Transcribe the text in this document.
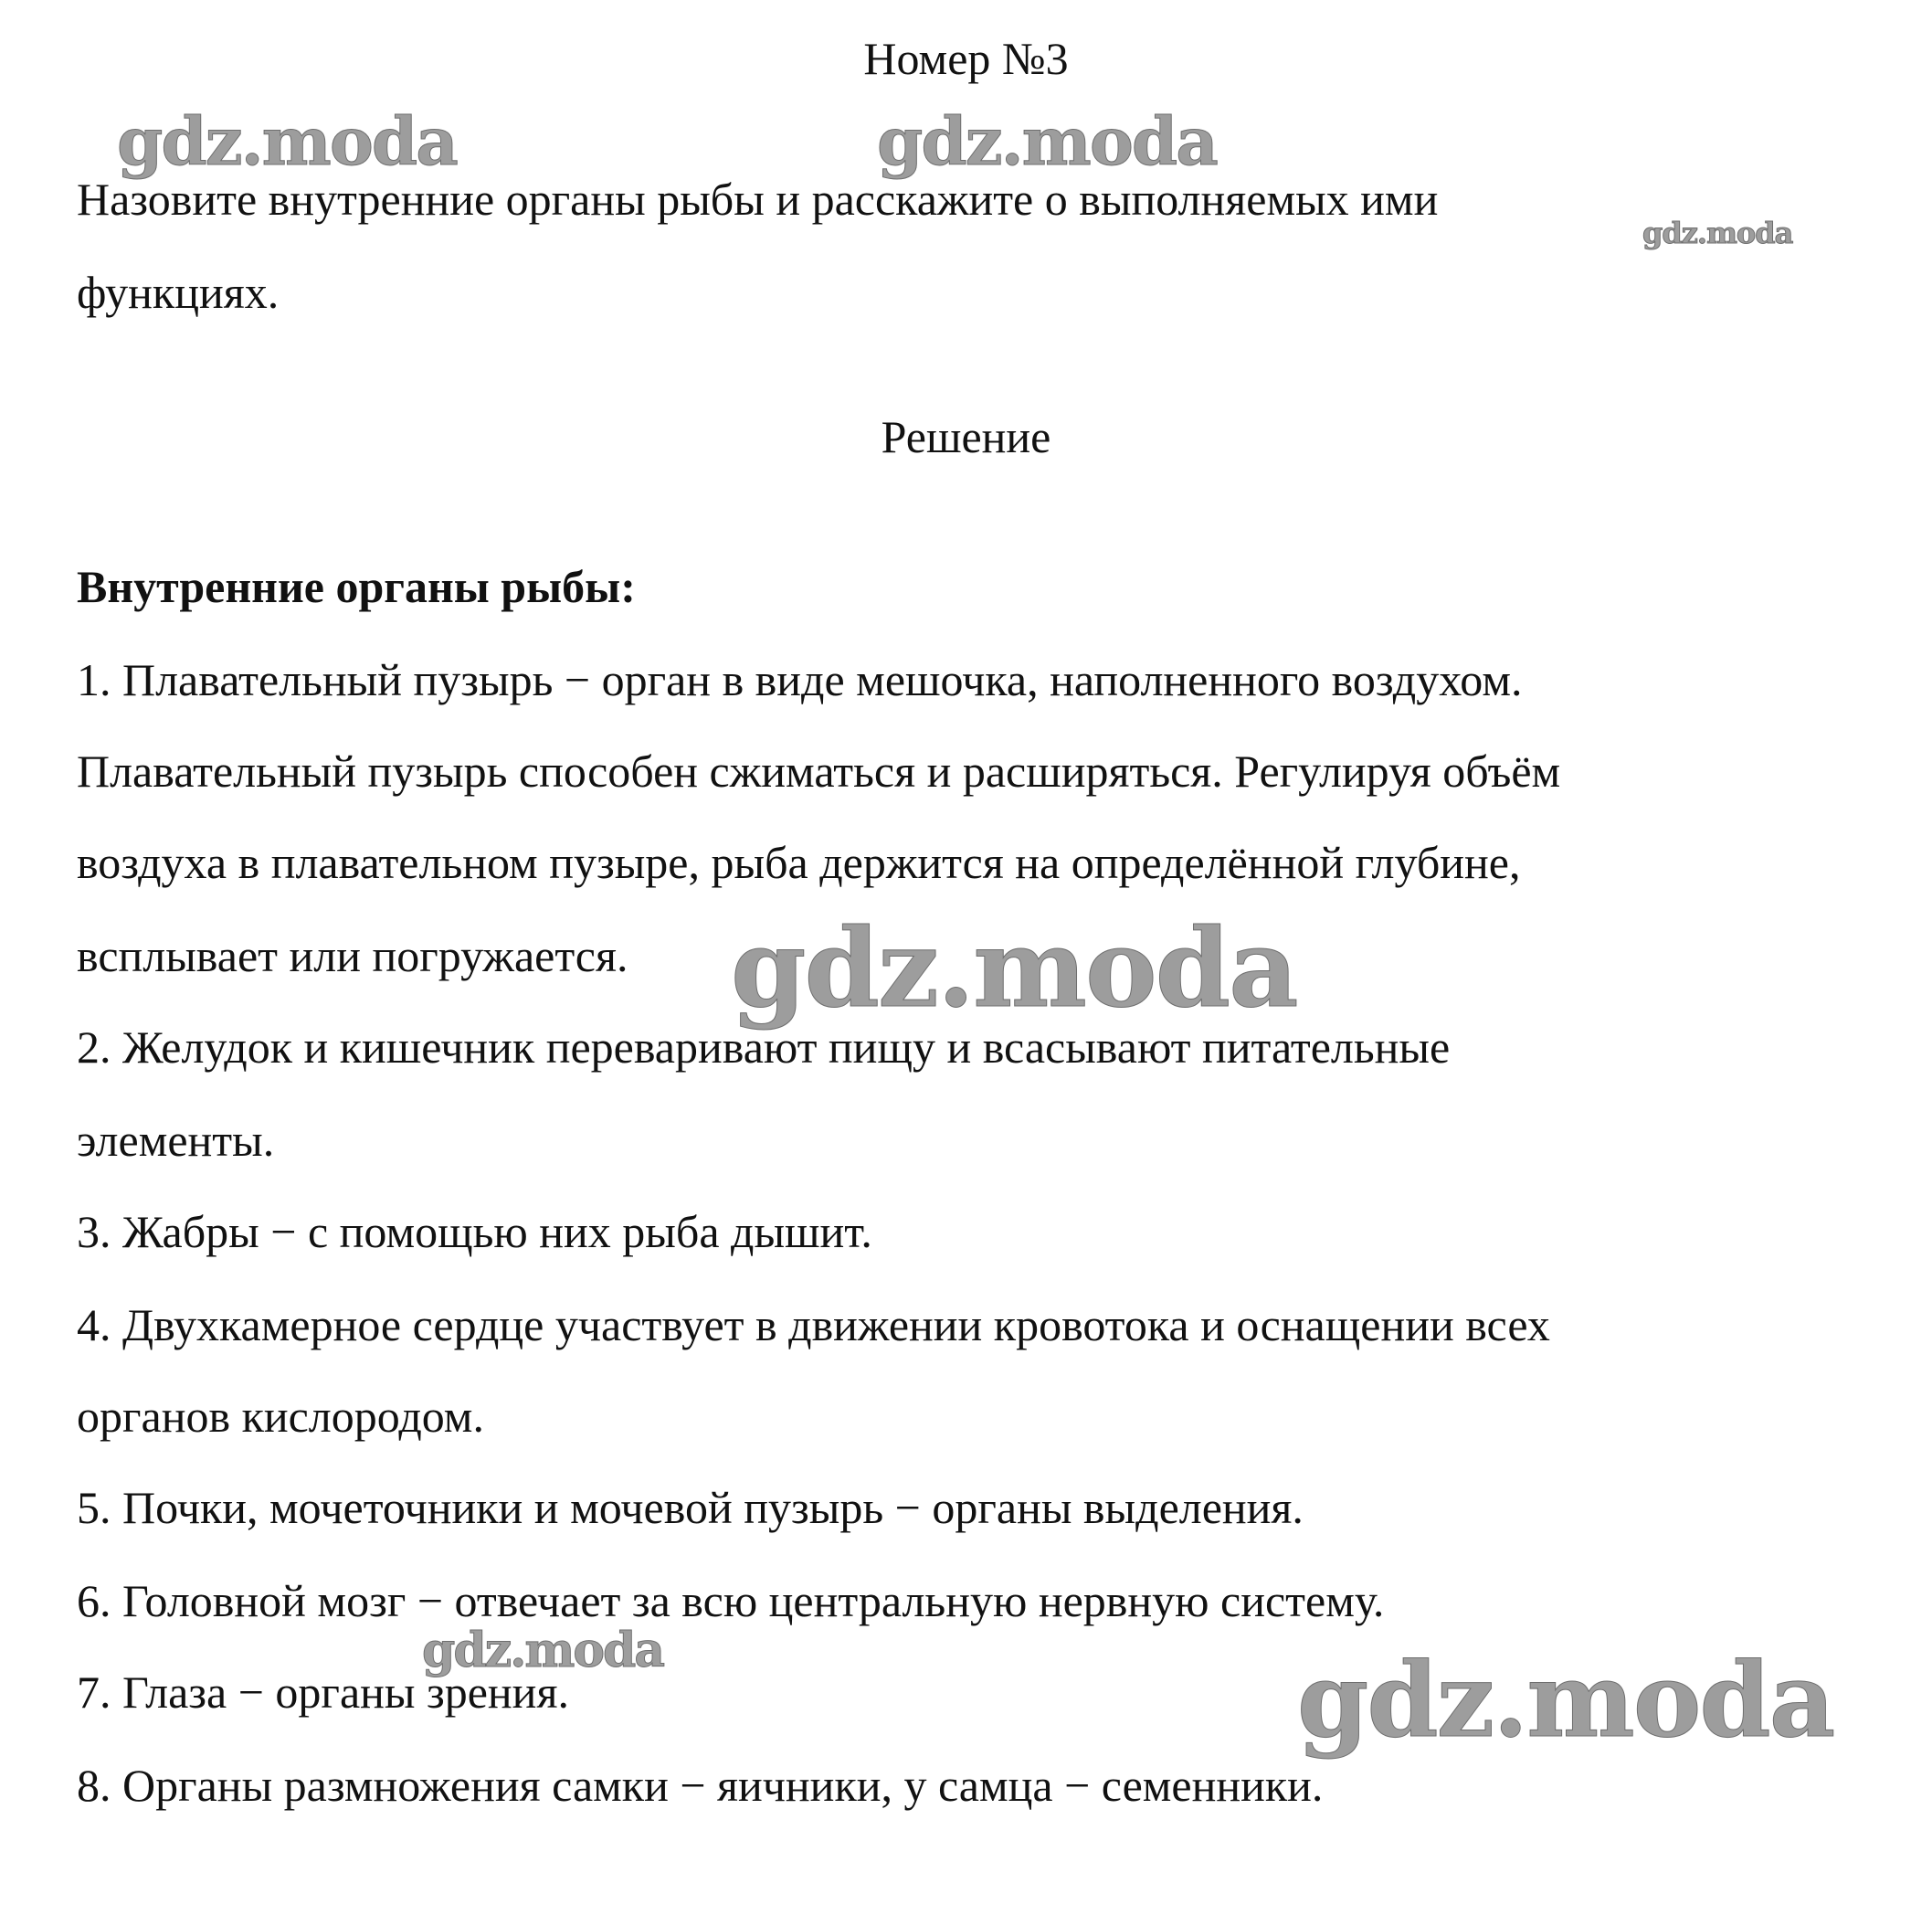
Номер №3
Назовите внутренние органы рыбы и расскажите о выполняемых ими
функциях.
Решение
Внутренние органы рыбы:
1. Плавательный пузырь − орган в виде мешочка, наполненного воздухом.
Плавательный пузырь способен сжиматься и расширяться. Регулируя объём
воздуха в плавательном пузыре, рыба держится на определённой глубине,
всплывает или погружается.
2. Желудок и кишечник переваривают пищу и всасывают питательные
элементы.
3. Жабры − с помощью них рыба дышит.
4. Двухкамерное сердце участвует в движении кровотока и оснащении всех
органов кислородом.
5. Почки, мочеточники и мочевой пузырь − органы выделения.
6. Головной мозг − отвечает за всю центральную нервную систему.
7. Глаза − органы зрения.
8. Органы размножения самки − яичники, у самца − семенники.
gdz.moda	gdz.moda
gdz.moda
gdz.moda
gdz.moda	gdz.moda
